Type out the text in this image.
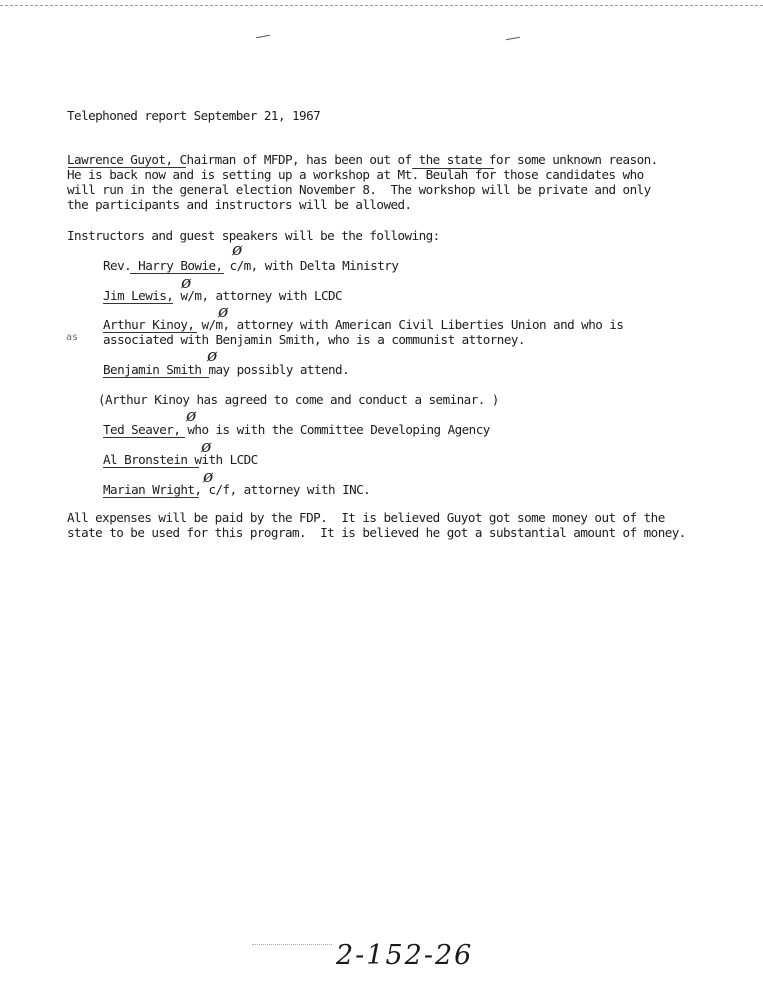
Telephoned report September 21, 1967

Lawrence Guyot, Chairman of MFDP, has been out of the state for some unknown reason.
He is back now and is setting up a workshop at Mt. Beulah for those candidates who
will run in the general election November 8.  The workshop will be private and only
the participants and instructors will be allowed.

Instructors and guest speakers will be the following:

Rev. Harry Bowie, c/m, with Delta Ministry

Jim Lewis, w/m, attorney with LCDC

Arthur Kinoy, w/m, attorney with American Civil Liberties Union and who is

as associated with Benjamin Smith, who is a communist attorney.

Benjamin Smith may possibly attend.

(Arthur Kinoy has agreed to come and conduct a seminar. )

Ted Seaver, who is with the Committee Developing Agency

Al Bronstein with LCDC

Marian Wright, c/f, attorney with INC.

ø
ø
ø
ø
ø
ø
ø
All expenses will be paid by the FDP.  It is believed Guyot got some money out of the
state to be used for this program.  It is believed he got a substantial amount of money.
2-152-26
